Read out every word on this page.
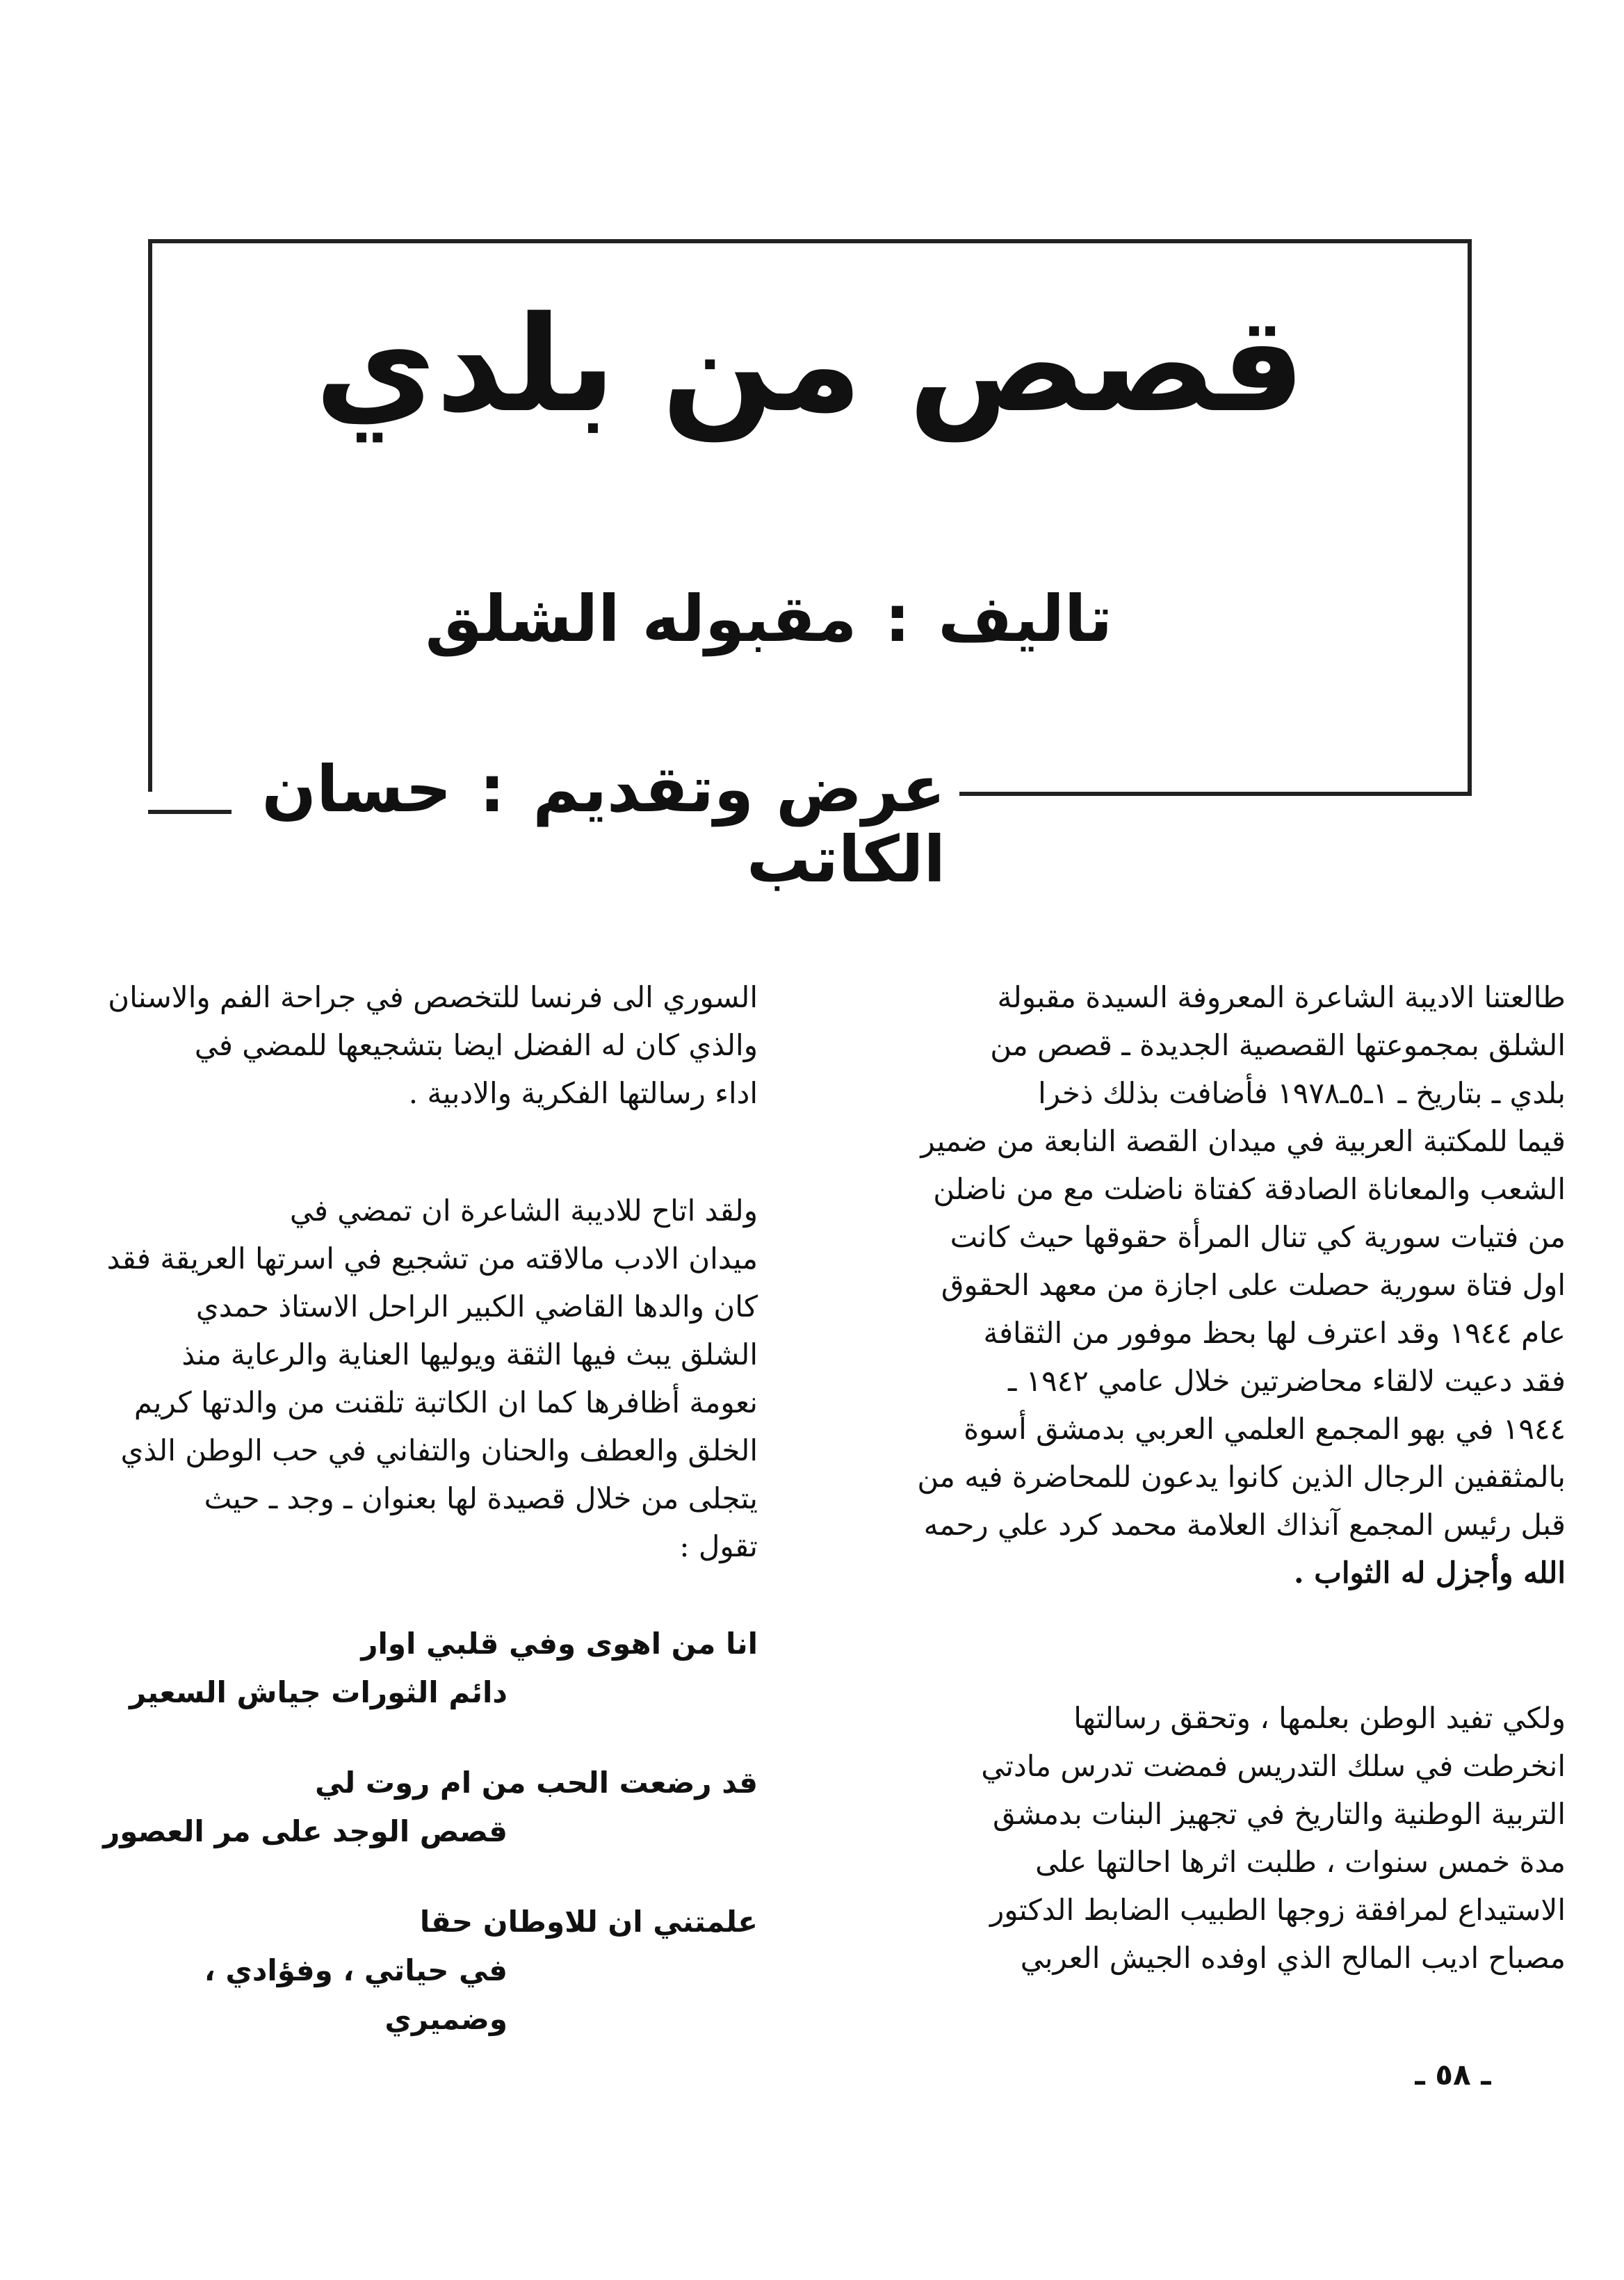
قصص من بلدي
تاليف:مقبوله الشلق
عرض وتقديم:حسان الكاتب

طالعتنا الاديبة الشاعرة المعروفة السيدة مقبولة

الشلق بمجموعتها القصصية الجديدة ـ قصص من

بلدي ـ بتاريخ ـ ١ـ٥ـ١٩٧٨ فأضافت بذلك ذخرا

قيما للمكتبة العربية في ميدان القصة النابعة من ضمير

الشعب والمعاناة الصادقة كفتاة ناضلت مع من ناضلن

من فتيات سورية كي تنال المرأة حقوقها حيث كانت

اول فتاة سورية حصلت على اجازة من معهد الحقوق

عام ١٩٤٤ وقد اعترف لها بحظ موفور من الثقافة

فقد دعيت لالقاء محاضرتين خلال عامي ١٩٤٢ ـ

١٩٤٤ في بهو المجمع العلمي العربي بدمشق أسوة

بالمثقفين الرجال الذين كانوا يدعون للمحاضرة فيه من

قبل رئيس المجمع آنذاك العلامة محمد كرد علي رحمه

الله وأجزل له الثواب .

ولكي تفيد الوطن بعلمها ، وتحقق رسالتها

انخرطت في سلك التدريس فمضت تدرس مادتي

التربية الوطنية والتاريخ في تجهيز البنات بدمشق

مدة خمس سنوات ، طلبت اثرها احالتها على

الاستيداع لمرافقة زوجها الطبيب الضابط الدكتور

مصباح اديب المالح الذي اوفده الجيش العربي

السوري الى فرنسا للتخصص في جراحة الفم والاسنان

والذي كان له الفضل ايضا بتشجيعها للمضي في

اداء رسالتها الفكرية والادبية .

ولقد اتاح للاديبة الشاعرة ان تمضي في

ميدان الادب مالاقته من تشجيع في اسرتها العريقة فقد

كان والدها القاضي الكبير الراحل الاستاذ حمدي

الشلق يبث فيها الثقة ويوليها العناية والرعاية منذ

نعومة أظافرها كما ان الكاتبة تلقنت من والدتها كريم

الخلق والعطف والحنان والتفاني في حب الوطن الذي

يتجلى من خلال قصيدة لها بعنوان ـ وجد ـ حيث

تقول :

انا من اهوى وفي قلبي اوار
دائم الثورات جياش السعير
قد رضعت الحب من ام روت لي
قصص الوجد على مر العصور
علمتني ان للاوطان حقا
في حياتي ، وفؤادي ، وضميري
ـ ٥٨ ـ
